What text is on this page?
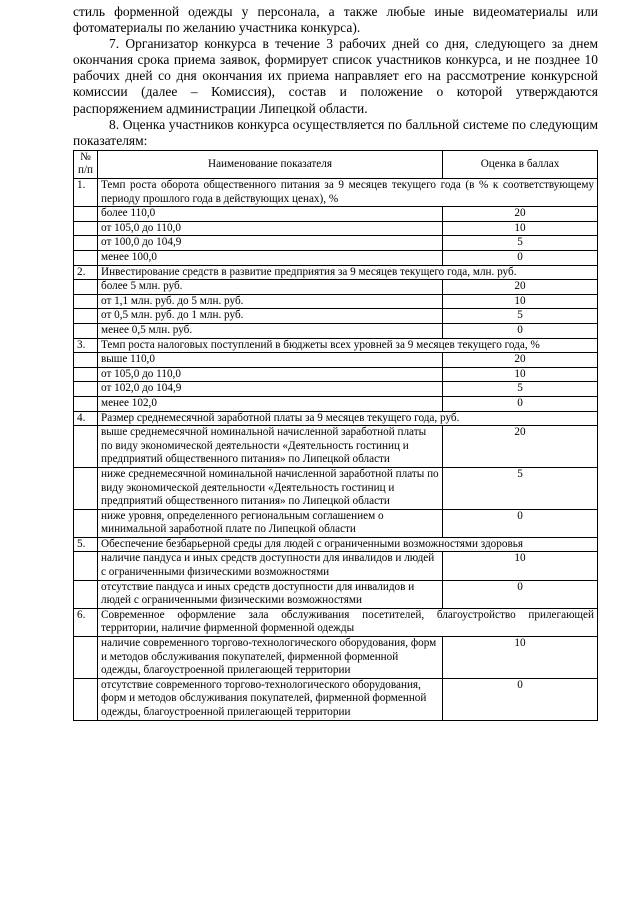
стиль форменной одежды у персонала, а также любые иные видеоматериалы или фотоматериалы по желанию участника конкурса).

7. Организатор конкурса в течение 3 рабочих дней со дня, следующего за днем окончания срока приема заявок, формирует список участников конкурса, и не позднее 10 рабочих дней со дня окончания их приема направляет его на рассмотрение конкурсной комиссии (далее – Комиссия), состав и положение о которой утверждаются распоряжением администрации Липецкой области.

8. Оценка участников конкурса осуществляется по балльной системе по следующим показателям:

№ п/п	Наименование показателя	Оценка в баллах
1.	Темп роста оборота общественного питания за 9 месяцев текущего года (в % к соответствующему периоду прошлого года в действующих ценах), %	
	более 110,0	20
	от 105,0 до 110,0	10
	от 100,0 до 104,9	5
	менее 100,0	0
2.	Инвестирование средств в развитие предприятия за 9 месяцев текущего года, млн. руб.	
	более 5 млн. руб.	20
	от 1,1 млн. руб. до 5 млн. руб.	10
	от 0,5 млн. руб. до 1 млн. руб.	5
	менее 0,5 млн. руб.	0
3.	Темп роста налоговых поступлений в бюджеты всех уровней за 9 месяцев текущего года, %	
	выше 110,0	20
	от 105,0 до 110,0	10
	от 102,0 до 104,9	5
	менее 102,0	0
4.	Размер среднемесячной заработной платы за 9 месяцев текущего года, руб.	
	выше среднемесячной номинальной начисленной заработной платы по виду экономической деятельности «Деятельность гостиниц и предприятий общественного питания» по Липецкой области	20
	ниже среднемесячной номинальной начисленной заработной платы по виду экономической деятельности «Деятельность гостиниц и предприятий общественного питания» по Липецкой области	5
	ниже уровня, определенного региональным соглашением о минимальной заработной плате по Липецкой области	0
5.	Обеспечение безбарьерной среды для людей с ограниченными возможностями здоровья	
	наличие пандуса и иных средств доступности для инвалидов и людей с ограниченными физическими возможностями	10
	отсутствие пандуса и иных средств доступности для инвалидов и людей с ограниченными физическими возможностями	0
6.	Современное оформление зала обслуживания посетителей, благоустройство прилегающей территории, наличие фирменной форменной одежды	
	наличие современного торгово-технологического оборудования, форм и методов обслуживания покупателей, фирменной форменной одежды, благоустроенной прилегающей территории	10
	отсутствие современного торгово-технологического оборудования, форм и методов обслуживания покупателей, фирменной форменной одежды, благоустроенной прилегающей территории	0
